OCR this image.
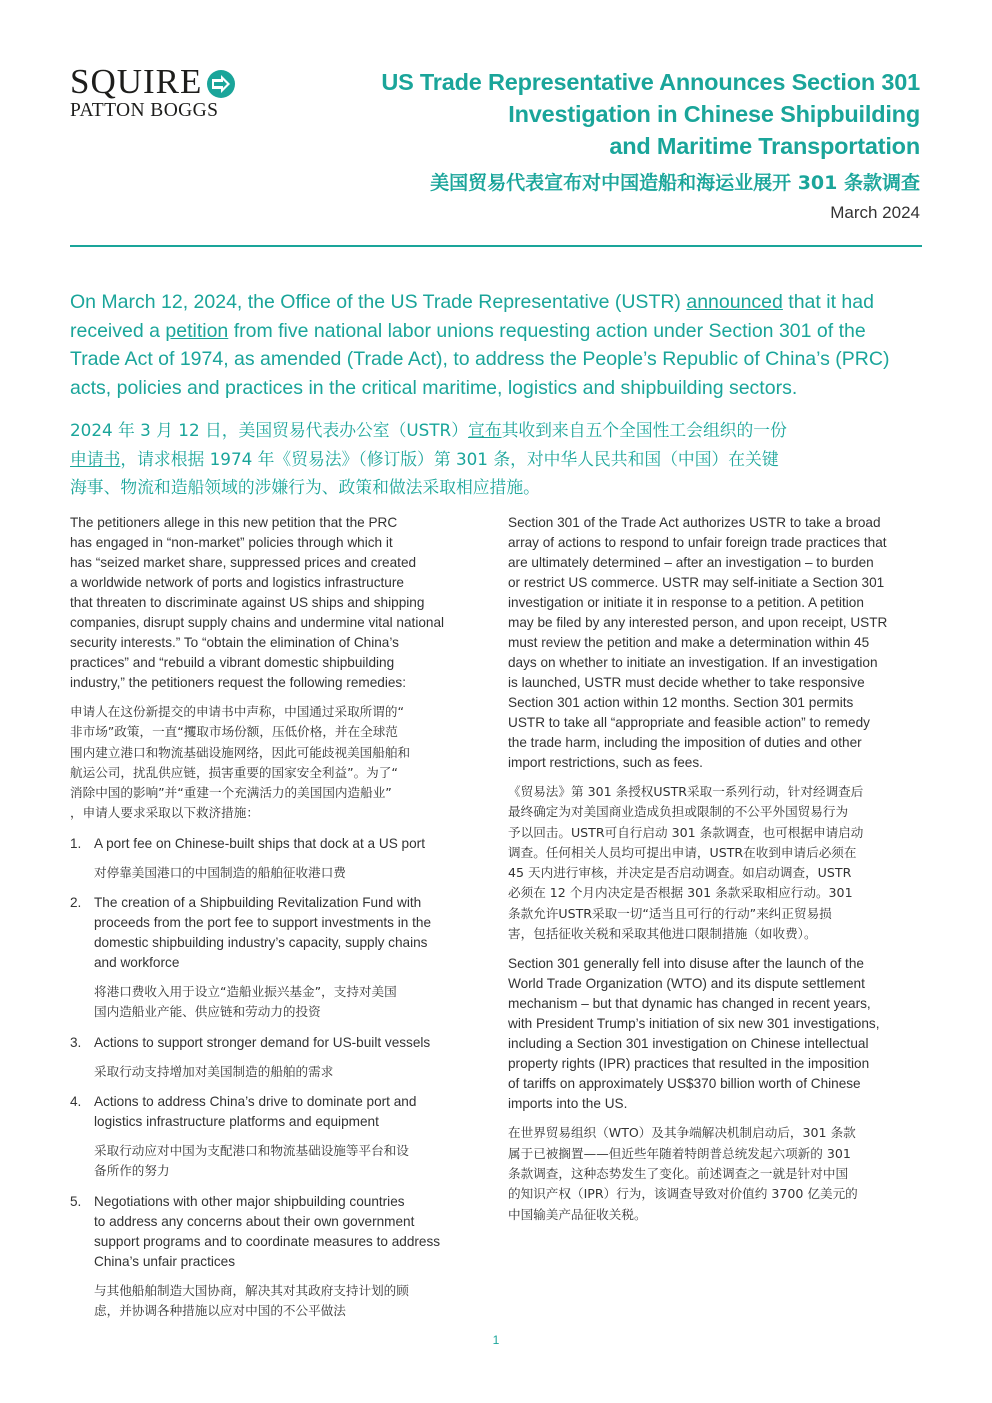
SQUIRE
PATTON BOGGS
US Trade Representative Announces Section 301
Investigation in Chinese Shipbuilding
and Maritime Transportation
美国贸易代表宣布对中国造船和海运业展开 301 条款调查
March 2024
On March 12, 2024, the Office of the US Trade Representative (USTR) announced that it had
received a petition from five national labor unions requesting action under Section 301 of the
Trade Act of 1974, as amended (Trade Act), to address the People’s Republic of China’s (PRC)
acts, policies and practices in the critical maritime, logistics and shipbuilding sectors.
2024 年 3 月 12 日，美国贸易代表办公室（USTR）宣布其收到来自五个全国性工会组织的一份
申请书，请求根据 1974 年《贸易法》（修订版）第 301 条，对中华人民共和国（中国）在关键
海事、物流和造船领域的涉嫌行为、政策和做法采取相应措施。
The petitioners allege in this new petition that the PRC
has engaged in “non-market” policies through which it
has “seized market share, suppressed prices and created
a worldwide network of ports and logistics infrastructure
that threaten to discriminate against US ships and shipping
companies, disrupt supply chains and undermine vital national
security interests.” To “obtain the elimination of China’s
practices” and “rebuild a vibrant domestic shipbuilding
industry,” the petitioners request the following remedies:
申请人在这份新提交的申请书中声称，中国通过采取所谓的“
非市场”政策，一直“攫取市场份额，压低价格，并在全球范
围内建立港口和物流基础设施网络，因此可能歧视美国船舶和
航运公司，扰乱供应链，损害重要的国家安全利益”。为了“
消除中国的影响”并“重建一个充满活力的美国国内造船业”
，申请人要求采取以下救济措施：
1. A port fee on Chinese-built ships that dock at a US port
对停靠美国港口的中国制造的船舶征收港口费
2. The creation of a Shipbuilding Revitalization Fund with
proceeds from the port fee to support investments in the
domestic shipbuilding industry’s capacity, supply chains
and workforce
将港口费收入用于设立“造船业振兴基金”，支持对美国
国内造船业产能、供应链和劳动力的投资
3. Actions to support stronger demand for US-built vessels
采取行动支持增加对美国制造的船舶的需求
4. Actions to address China’s drive to dominate port and
logistics infrastructure platforms and equipment
采取行动应对中国为支配港口和物流基础设施等平台和设
备所作的努力
5. Negotiations with other major shipbuilding countries
to address any concerns about their own government
support programs and to coordinate measures to address
China’s unfair practices
与其他船舶制造大国协商，解决其对其政府支持计划的顾
虑，并协调各种措施以应对中国的不公平做法
Section 301 of the Trade Act authorizes USTR to take a broad
array of actions to respond to unfair foreign trade practices that
are ultimately determined – after an investigation – to burden
or restrict US commerce. USTR may self-initiate a Section 301
investigation or initiate it in response to a petition. A petition
may be filed by any interested person, and upon receipt, USTR
must review the petition and make a determination within 45
days on whether to initiate an investigation. If an investigation
is launched, USTR must decide whether to take responsive
Section 301 action within 12 months. Section 301 permits
USTR to take all “appropriate and feasible action” to remedy
the trade harm, including the imposition of duties and other
import restrictions, such as fees.
《贸易法》第 301 条授权USTR采取一系列行动，针对经调查后
最终确定为对美国商业造成负担或限制的不公平外国贸易行为
予以回击。USTR可自行启动 301 条款调查，也可根据申请启动
调查。任何相关人员均可提出申请，USTR在收到申请后必须在
45 天内进行审核，并决定是否启动调查。如启动调查，USTR
必须在 12 个月内决定是否根据 301 条款采取相应行动。301
条款允许USTR采取一切“适当且可行的行动”来纠正贸易损
害，包括征收关税和采取其他进口限制措施（如收费）。
Section 301 generally fell into disuse after the launch of the
World Trade Organization (WTO) and its dispute settlement
mechanism – but that dynamic has changed in recent years,
with President Trump’s initiation of six new 301 investigations,
including a Section 301 investigation on Chinese intellectual
property rights (IPR) practices that resulted in the imposition
of tariffs on approximately US$370 billion worth of Chinese
imports into the US.
在世界贸易组织（WTO）及其争端解决机制启动后，301 条款
属于已被搁置——但近些年随着特朗普总统发起六项新的 301
条款调查，这种态势发生了变化。前述调查之一就是针对中国
的知识产权（IPR）行为，该调查导致对价值约 3700 亿美元的
中国输美产品征收关税。
1
